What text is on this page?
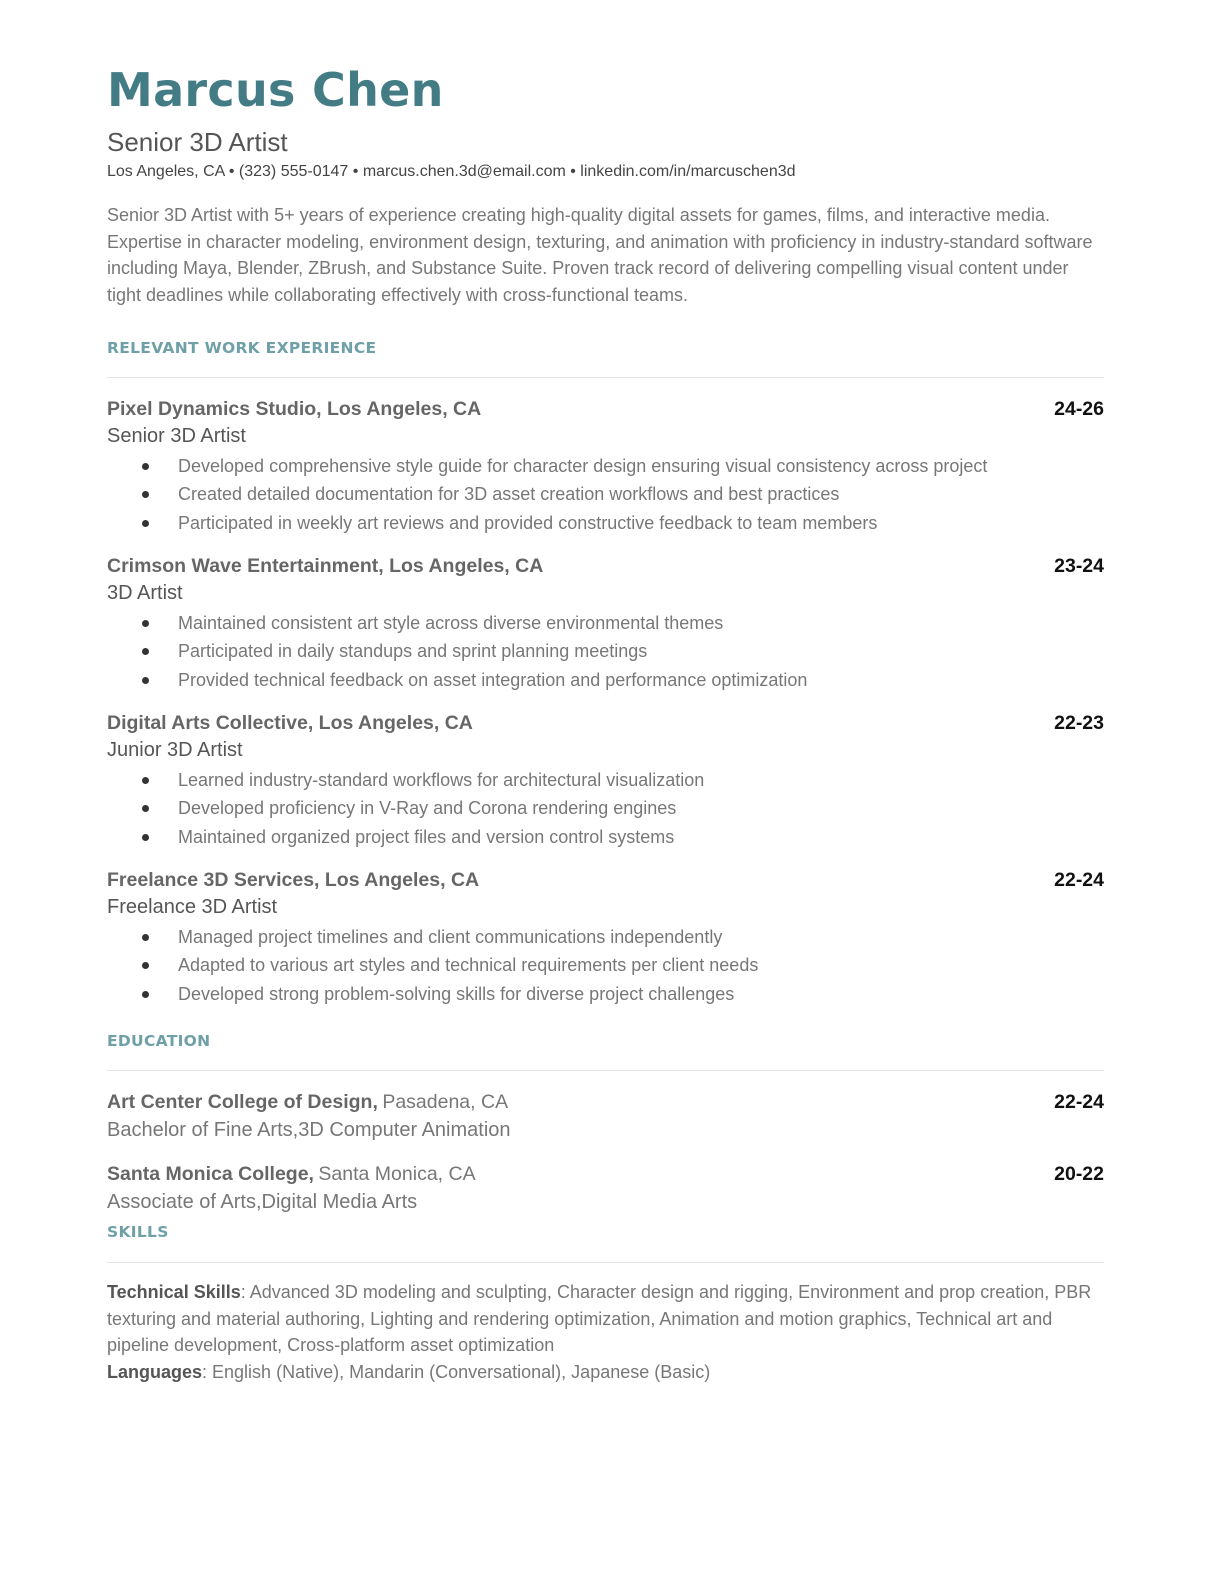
Marcus Chen
Senior 3D Artist
Los Angeles, CA • (323) 555-0147 • marcus.chen.3d@email.com • linkedin.com/in/marcuschen3d
Senior 3D Artist with 5+ years of experience creating high-quality digital assets for games, films, and interactive media. Expertise in character modeling, environment design, texturing, and animation with proficiency in industry-standard software including Maya, Blender, ZBrush, and Substance Suite. Proven track record of delivering compelling visual content under tight deadlines while collaborating effectively with cross-functional teams.
RELEVANT WORK EXPERIENCE
Pixel Dynamics Studio, Los Angeles, CA	24-26
Senior 3D Artist
Developed comprehensive style guide for character design ensuring visual consistency across project
Created detailed documentation for 3D asset creation workflows and best practices
Participated in weekly art reviews and provided constructive feedback to team members
Crimson Wave Entertainment, Los Angeles, CA	23-24
3D Artist
Maintained consistent art style across diverse environmental themes
Participated in daily standups and sprint planning meetings
Provided technical feedback on asset integration and performance optimization
Digital Arts Collective, Los Angeles, CA	22-23
Junior 3D Artist
Learned industry-standard workflows for architectural visualization
Developed proficiency in V-Ray and Corona rendering engines
Maintained organized project files and version control systems
Freelance 3D Services, Los Angeles, CA	22-24
Freelance 3D Artist
Managed project timelines and client communications independently
Adapted to various art styles and technical requirements per client needs
Developed strong problem-solving skills for diverse project challenges
EDUCATION
Art Center College of Design, Pasadena, CA	22-24
Bachelor of Fine Arts,3D Computer Animation
Santa Monica College, Santa Monica, CA	20-22
Associate of Arts,Digital Media Arts
SKILLS
Technical Skills: Advanced 3D modeling and sculpting, Character design and rigging, Environment and prop creation, PBR texturing and material authoring, Lighting and rendering optimization, Animation and motion graphics, Technical art and pipeline development, Cross-platform asset optimization
Languages: English (Native), Mandarin (Conversational), Japanese (Basic)
